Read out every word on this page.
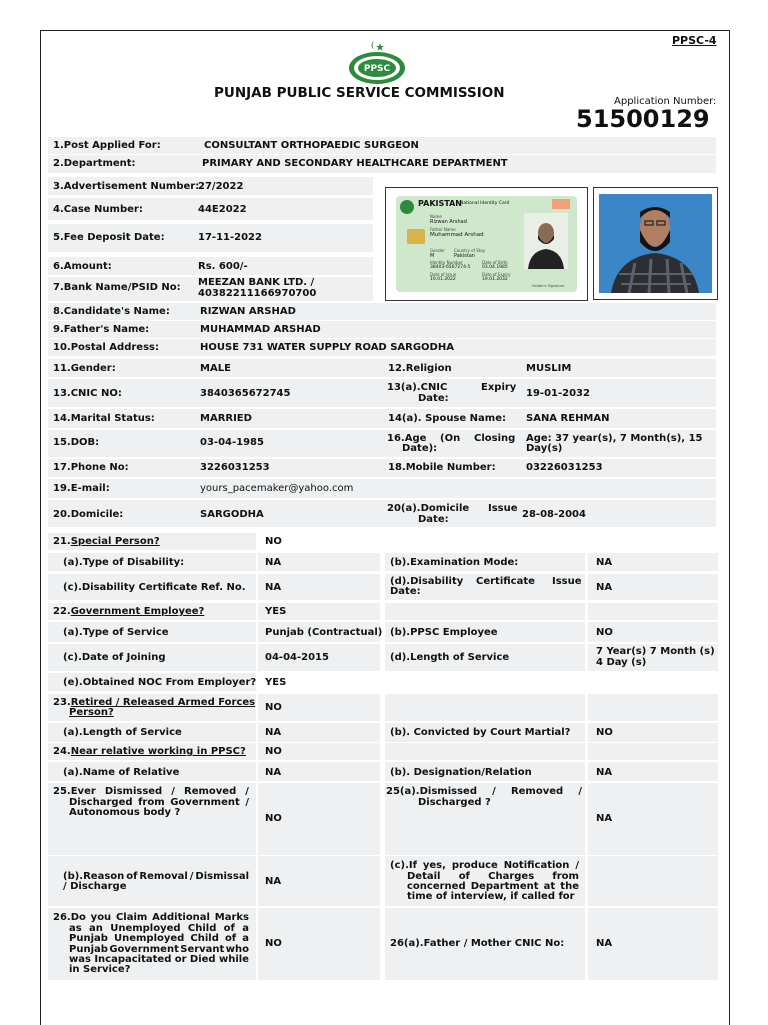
PPSC-4
PPSC
PUNJAB PUBLIC SERVICE COMMISSION
Application Number:
51500129
PAKISTAN
National Identity Card
Name
Rizwan Arshad
Father Name
Muhammad Arshad
Gender
M
Country of Stay
Pakistan
Identity Number
38403-6567274-5
Date of Birth
03.04.1985
Date of Issue
19.01.2022
Date of Expiry
19.01.2032
Holder's Signature
1.Post Applied For:	CONSULTANT ORTHOPAEDIC SURGEON
2.Department:	PRIMARY AND SECONDARY HEALTHCARE DEPARTMENT
3.Advertisement Number:
27/2022
4.Case Number:	44E2022
5.Fee Deposit Date:	17-11-2022
6.Amount:	Rs. 600/-
7.Bank Name/PSID No: MEEZAN BANK LTD. /
40382211166970700
8.Candidate's Name:	RIZWAN ARSHAD
9.Father's Name:	MUHAMMAD ARSHAD
10.Postal Address:	HOUSE 731 WATER SUPPLY ROAD SARGODHA
11.Gender:	MALE	12.Religion	MUSLIM
13.CNIC NO:	3840365672745
13(a).CNIC	Expiry
Date:	19-01-2032
14.Marital Status:	MARRIED	14(a). Spouse Name: SANA REHMAN
15.DOB:	03-04-1985	16.Age (On Closing
Date):
Age: 37 year(s), 7 Month(s), 15
Day(s)
17.Phone No:	3226031253	18.Mobile Number:	03226031253
19.E-mail:	yours_pacemaker@yahoo.com
20.Domicile:	SARGODHA
20(a).Domicile Issue
Date:	28-08-2004
21.Special Person?	NO
(a).Type of Disability:	NA	(b).Examination Mode:	NA
(c).Disability Certificate Ref. No. NA
(d).Disability Certificate Issue
Date:	NA
22.Government Employee?	YES
(a).Type of Service	Punjab (Contractual) (b).PPSC Employee	NO
(c).Date of Joining	04-04-2015	(d).Length of Service
7 Year(s) 7 Month (s)
4 Day (s)
(e).Obtained NOC From Employer? YES
23.Retired / Released Armed Forces
Person?	NO
(a).Length of Service	NA	(b). Convicted by Court Martial?	NO
24.Near relative working in PPSC? NO
(a).Name of Relative	NA	(b). Designation/Relation	NA
25.Ever Dismissed / Removed /
Discharged from Government /
Autonomous body ?
NO
25(a).Dismissed / Removed /
Discharged ?
NA
(b).Reason of Removal / Dismissal
/ Discharge	NA
(c).If yes, produce Notification /
Detail of Charges from
concerned Department at the
time of interview, if called for
26.Do you Claim Additional Marks
as an Unemployed Child of a
Punjab Unemployed Child of a
Punjab Government Servant who
was Incapacitated or Died while
in Service?
NO	26(a).Father / Mother CNIC No:	NA
